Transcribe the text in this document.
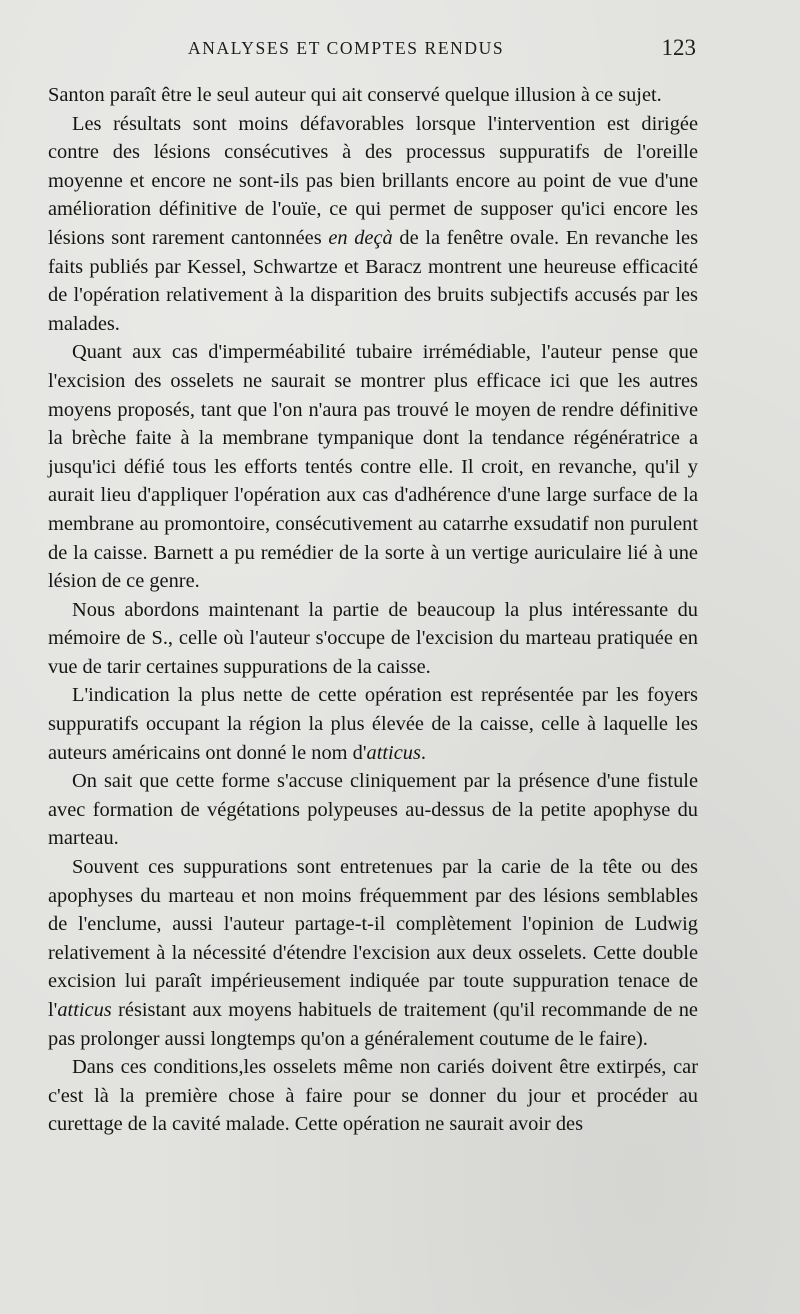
ANALYSES ET COMPTES RENDUS	123

Santon paraît être le seul auteur qui ait conservé quelque illusion à ce sujet.

Les résultats sont moins défavorables lorsque l'intervention est dirigée contre des lésions consécutives à des processus suppuratifs de l'oreille moyenne et encore ne sont-ils pas bien brillants encore au point de vue d'une amélioration définitive de l'ouïe, ce qui permet de supposer qu'ici encore les lésions sont rarement cantonnées en deçà de la fenêtre ovale. En revanche les faits publiés par Kessel, Schwartze et Baracz montrent une heureuse efficacité de l'opération relativement à la disparition des bruits subjectifs accusés par les malades.

Quant aux cas d'imperméabilité tubaire irrémédiable, l'auteur pense que l'excision des osselets ne saurait se montrer plus efficace ici que les autres moyens proposés, tant que l'on n'aura pas trouvé le moyen de rendre définitive la brèche faite à la membrane tympanique dont la tendance régénératrice a jusqu'ici défié tous les efforts tentés contre elle. Il croit, en revanche, qu'il y aurait lieu d'appliquer l'opération aux cas d'adhérence d'une large surface de la membrane au promontoire, consécutivement au catarrhe exsudatif non purulent de la caisse. Barnett a pu remédier de la sorte à un vertige auriculaire lié à une lésion de ce genre.

Nous abordons maintenant la partie de beaucoup la plus intéressante du mémoire de S., celle où l'auteur s'occupe de l'excision du marteau pratiquée en vue de tarir certaines suppurations de la caisse.

L'indication la plus nette de cette opération est représentée par les foyers suppuratifs occupant la région la plus élevée de la caisse, celle à laquelle les auteurs américains ont donné le nom d'atticus.

On sait que cette forme s'accuse cliniquement par la présence d'une fistule avec formation de végétations polypeuses au-dessus de la petite apophyse du marteau.

Souvent ces suppurations sont entretenues par la carie de la tête ou des apophyses du marteau et non moins fréquemment par des lésions semblables de l'enclume, aussi l'auteur partage-t-il complètement l'opinion de Ludwig relativement à la nécessité d'étendre l'excision aux deux osselets. Cette double excision lui paraît impérieusement indiquée par toute suppuration tenace de l'atticus résistant aux moyens habituels de traitement (qu'il recommande de ne pas prolonger aussi longtemps qu'on a généralement coutume de le faire).

Dans ces conditions,les osselets même non cariés doivent être extirpés, car c'est là la première chose à faire pour se donner du jour et procéder au curettage de la cavité malade. Cette opération ne saurait avoir des
